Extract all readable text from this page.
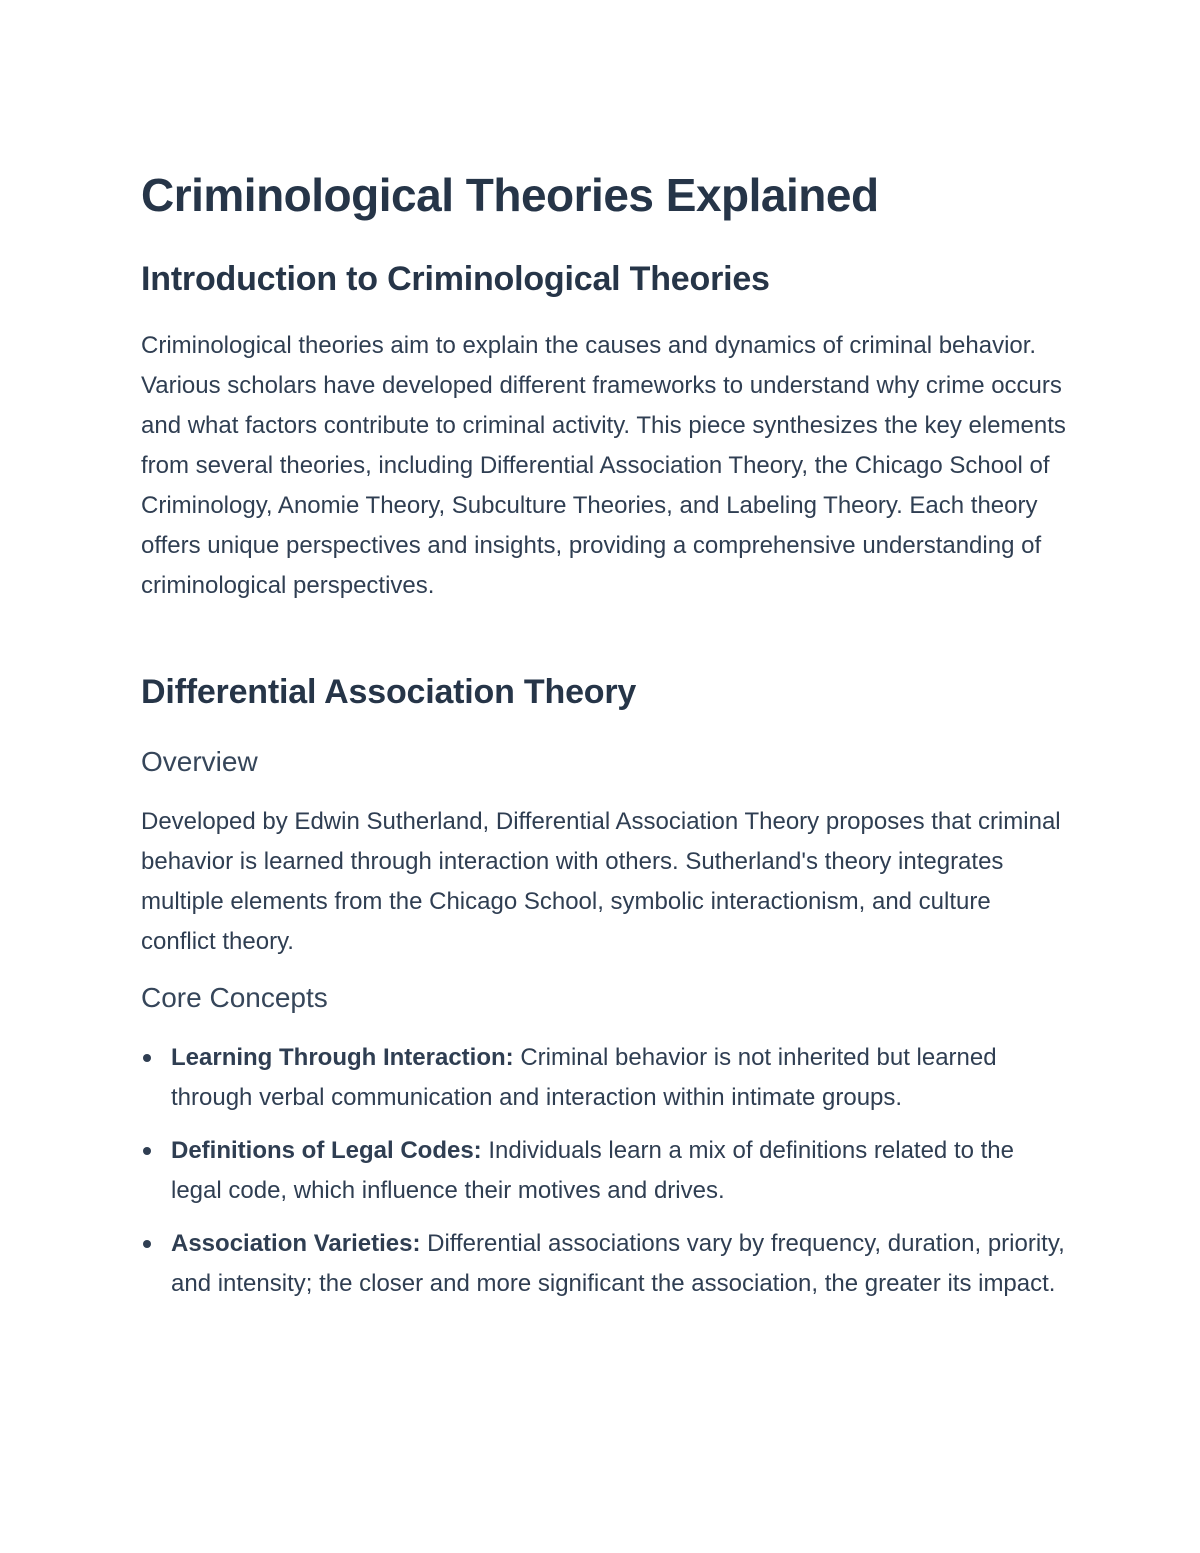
Criminological Theories Explained
Introduction to Criminological Theories

Criminological theories aim to explain the causes and dynamics of criminal behavior. Various scholars have developed different frameworks to understand why crime occurs and what factors contribute to criminal activity. This piece synthesizes the key elements from several theories, including Differential Association Theory, the Chicago School of Criminology, Anomie Theory, Subculture Theories, and Labeling Theory. Each theory offers unique perspectives and insights, providing a comprehensive understanding of criminological perspectives.

Differential Association Theory
Overview

Developed by Edwin Sutherland, Differential Association Theory proposes that criminal behavior is learned through interaction with others. Sutherland's theory integrates multiple elements from the Chicago School, symbolic interactionism, and culture conflict theory.

Core Concepts
Learning Through Interaction: Criminal behavior is not inherited but learned through verbal communication and interaction within intimate groups.
Definitions of Legal Codes: Individuals learn a mix of definitions related to the legal code, which influence their motives and drives.
Association Varieties: Differential associations vary by frequency, duration, priority, and intensity; the closer and more significant the association, the greater its impact.
